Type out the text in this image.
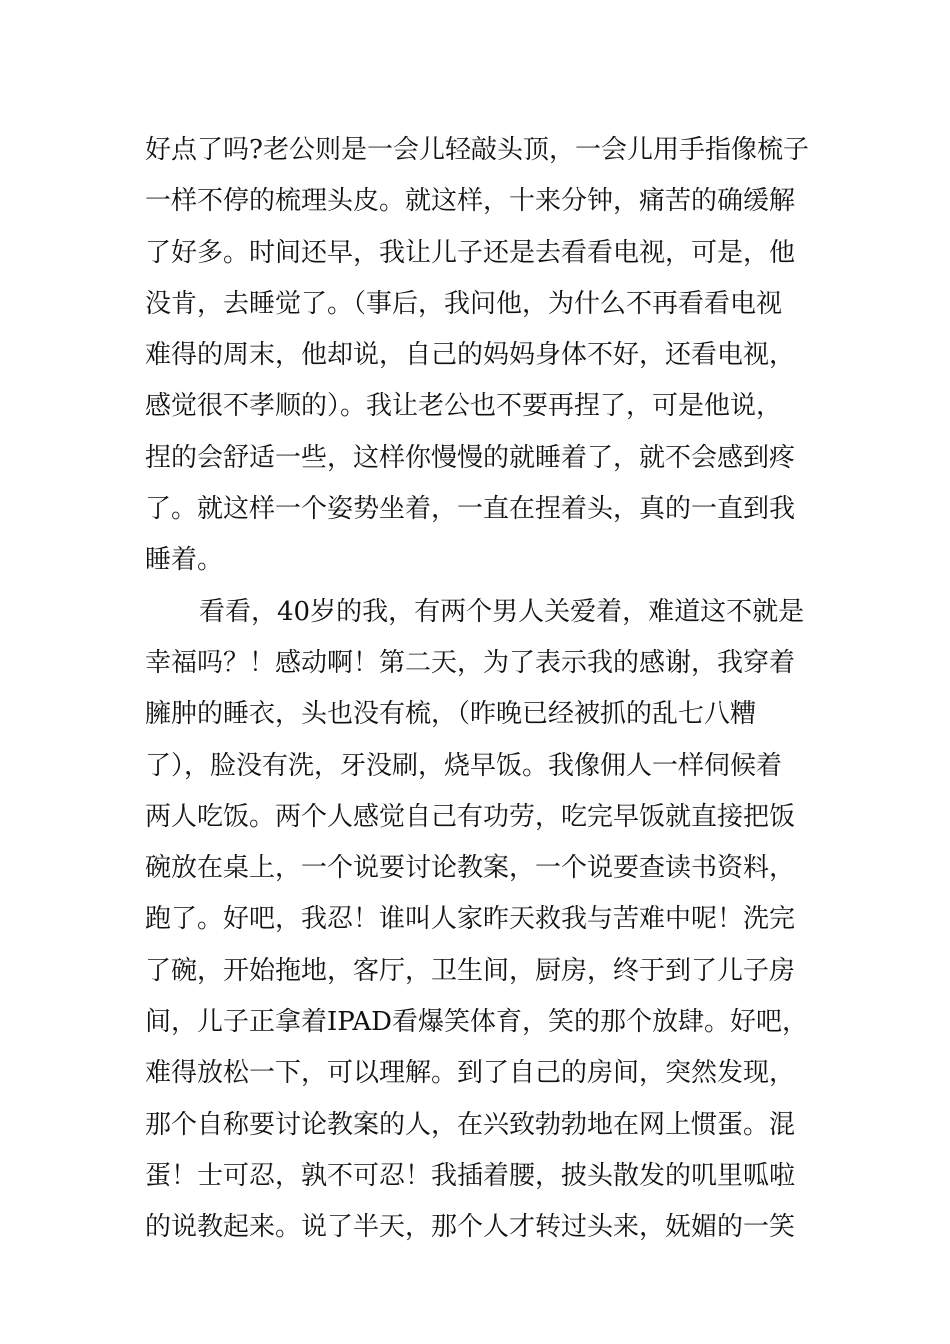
好点了吗?老公则是一会儿轻敲头顶，一会儿用手指像梳子
一样不停的梳理头皮。就这样，十来分钟，痛苦的确缓解
了好多。时间还早，我让儿子还是去看看电视，可是，他
没肯，去睡觉了。（事后，我问他，为什么不再看看电视
难得的周末，他却说，自己的妈妈身体不好，还看电视，
感觉很不孝顺的）。我让老公也不要再捏了，可是他说，
捏的会舒适一些，这样你慢慢的就睡着了，就不会感到疼
了。就这样一个姿势坐着，一直在捏着头，真的一直到我
睡着。
看看，40岁的我，有两个男人关爱着，难道这不就是
幸福吗？！感动啊！第二天，为了表示我的感谢，我穿着
臃肿的睡衣，头也没有梳，（昨晚已经被抓的乱七八糟
了），脸没有洗，牙没刷，烧早饭。我像佣人一样伺候着
两人吃饭。两个人感觉自己有功劳，吃完早饭就直接把饭
碗放在桌上，一个说要讨论教案，一个说要查读书资料，
跑了。好吧，我忍！谁叫人家昨天救我与苦难中呢！洗完
了碗，开始拖地，客厅，卫生间，厨房，终于到了儿子房
间，儿子正拿着IPAD看爆笑体育，笑的那个放肆。好吧，
难得放松一下，可以理解。到了自己的房间，突然发现，
那个自称要讨论教案的人，在兴致勃勃地在网上惯蛋。混
蛋！士可忍，孰不可忍！我插着腰，披头散发的叽里呱啦
的说教起来。说了半天，那个人才转过头来，妩媚的一笑
